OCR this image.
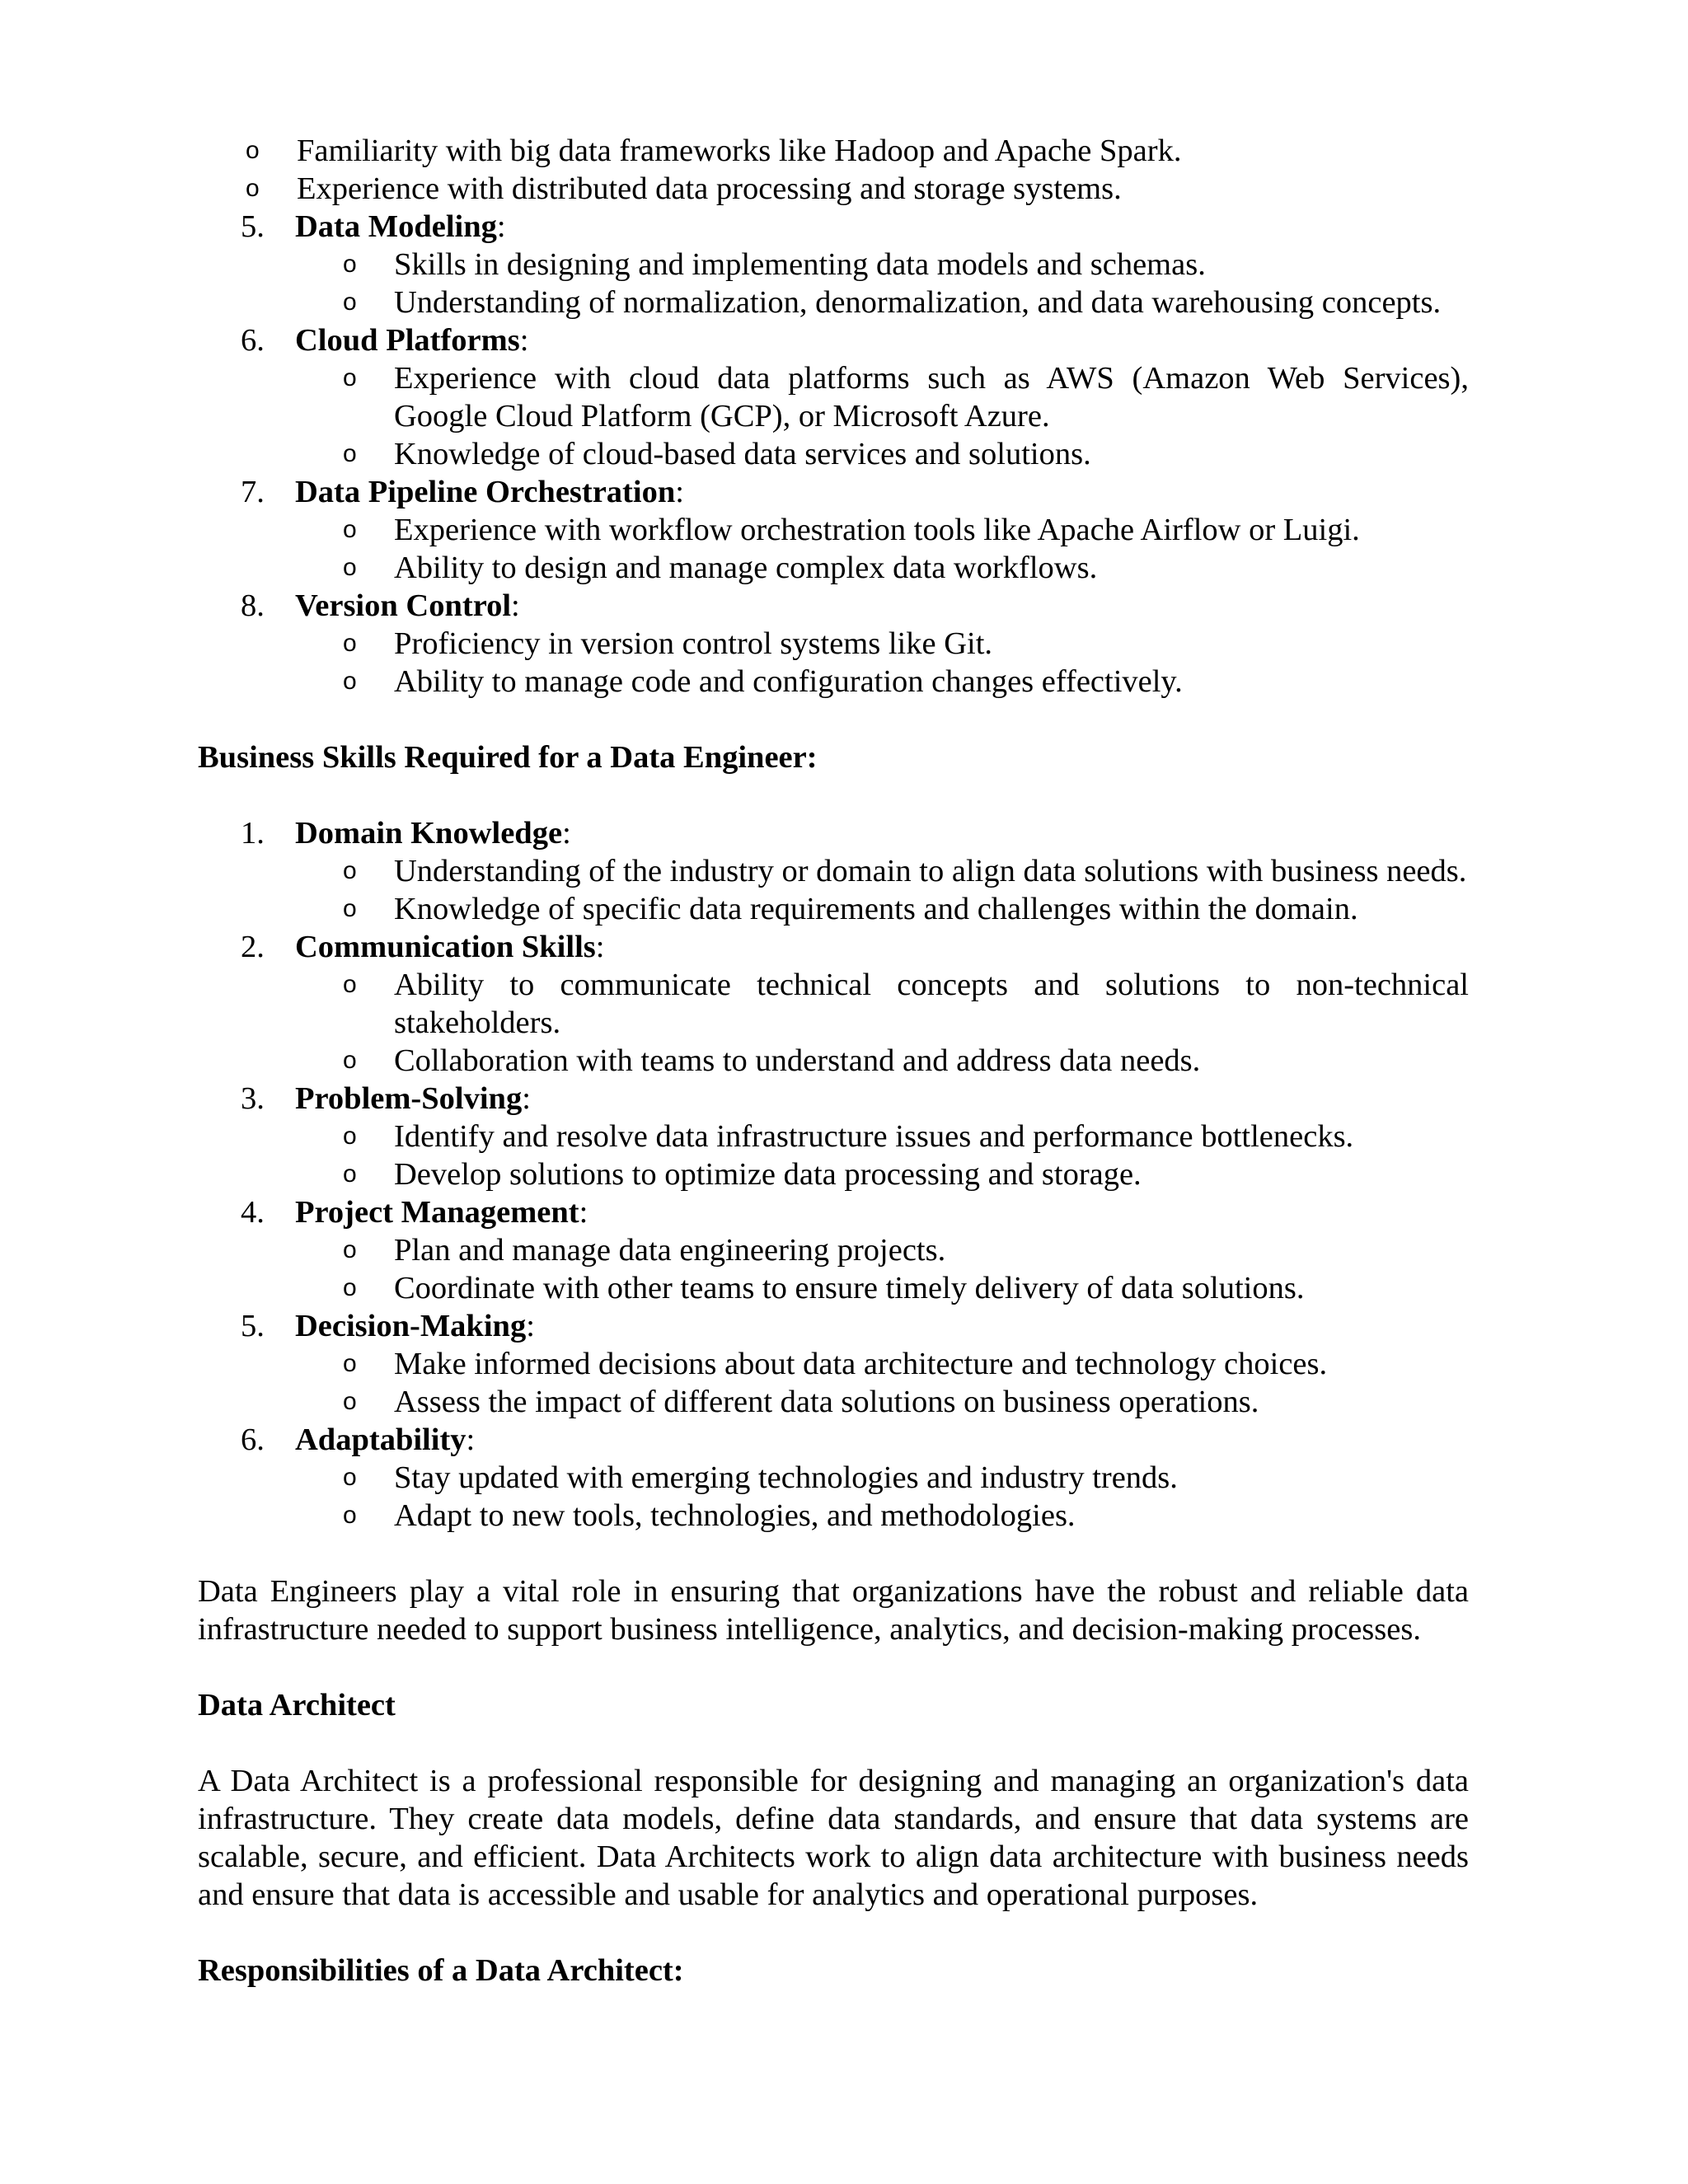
o Familiarity with big data frameworks like Hadoop and Apache Spark.
o Experience with distributed data processing and storage systems.
5. Data Modeling:
o Skills in designing and implementing data models and schemas.
o Understanding of normalization, denormalization, and data warehousing concepts.
6. Cloud Platforms:
o Experience with cloud data platforms such as AWS (Amazon Web Services), Google Cloud Platform (GCP), or Microsoft Azure.
o Knowledge of cloud-based data services and solutions.
7. Data Pipeline Orchestration:
o Experience with workflow orchestration tools like Apache Airflow or Luigi.
o Ability to design and manage complex data workflows.
8. Version Control:
o Proficiency in version control systems like Git.
o Ability to manage code and configuration changes effectively.
Business Skills Required for a Data Engineer:
1. Domain Knowledge:
o Understanding of the industry or domain to align data solutions with business needs.
o Knowledge of specific data requirements and challenges within the domain.
2. Communication Skills:
o Ability to communicate technical concepts and solutions to non-technical stakeholders.
o Collaboration with teams to understand and address data needs.
3. Problem-Solving:
o Identify and resolve data infrastructure issues and performance bottlenecks.
o Develop solutions to optimize data processing and storage.
4. Project Management:
o Plan and manage data engineering projects.
o Coordinate with other teams to ensure timely delivery of data solutions.
5. Decision-Making:
o Make informed decisions about data architecture and technology choices.
o Assess the impact of different data solutions on business operations.
6. Adaptability:
o Stay updated with emerging technologies and industry trends.
o Adapt to new tools, technologies, and methodologies.

Data Engineers play a vital role in ensuring that organizations have the robust and reliable data infrastructure needed to support business intelligence, analytics, and decision-making processes.

Data Architect

A Data Architect is a professional responsible for designing and managing an organization's data infrastructure. They create data models, define data standards, and ensure that data systems are scalable, secure, and efficient. Data Architects work to align data architecture with business needs and ensure that data is accessible and usable for analytics and operational purposes.

Responsibilities of a Data Architect:
